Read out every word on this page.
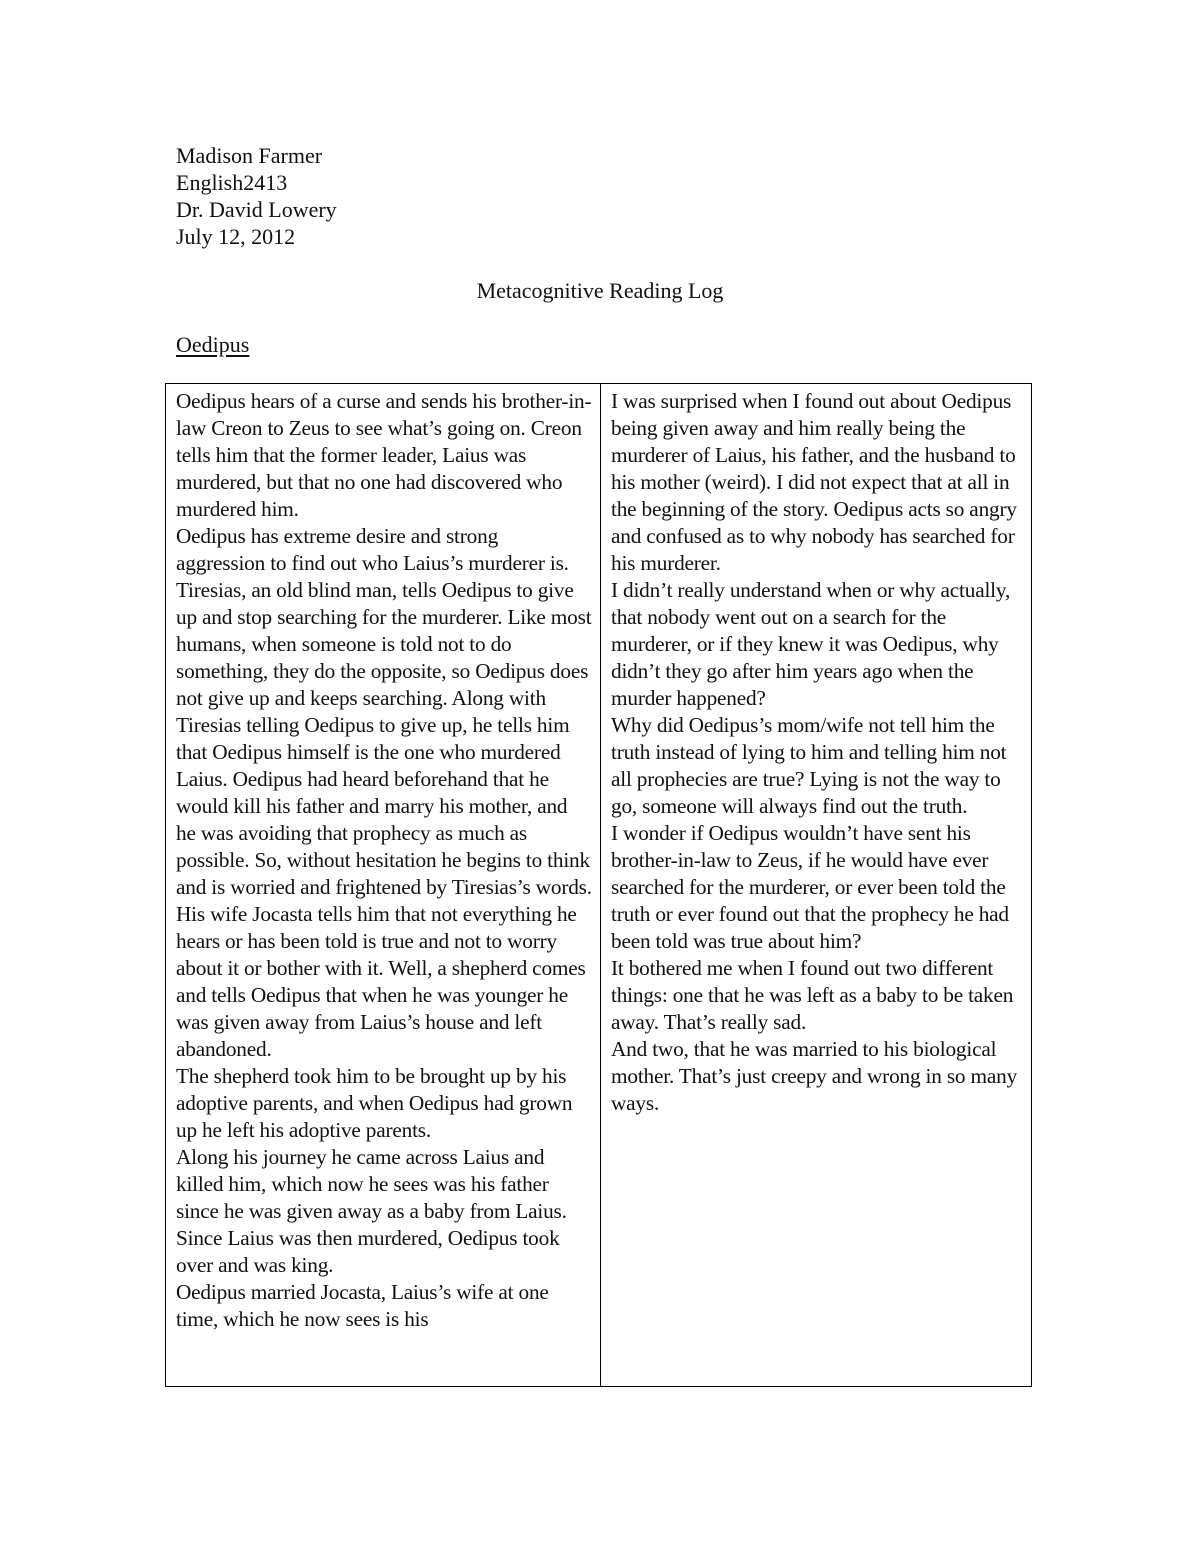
Madison Farmer
English2413
Dr. David Lowery
July 12, 2012
Metacognitive Reading Log
Oedipus

Oedipus hears of a curse and sends his brother-in-law Creon to Zeus to see what’s going on. Creon tells him that the former leader, Laius was murdered, but that no one had discovered who murdered him.

Oedipus has extreme desire and strong aggression to find out who Laius’s murderer is. Tiresias, an old blind man, tells Oedipus to give up and stop searching for the murderer. Like most humans, when someone is told not to do something, they do the opposite, so Oedipus does not give up and keeps searching. Along with Tiresias telling Oedipus to give up, he tells him that Oedipus himself is the one who murdered Laius. Oedipus had heard beforehand that he would kill his father and marry his mother, and he was avoiding that prophecy as much as possible. So, without hesitation he begins to think and is worried and frightened by Tiresias’s words. His wife Jocasta tells him that not everything he hears or has been told is true and not to worry about it or bother with it. Well, a shepherd comes and tells Oedipus that when he was younger he was given away from Laius’s house and left abandoned.

The shepherd took him to be brought up by his adoptive parents, and when Oedipus had grown up he left his adoptive parents.

Along his journey he came across Laius and killed him, which now he sees was his father since he was given away as a baby from Laius. Since Laius was then murdered, Oedipus took over and was king.

Oedipus married Jocasta, Laius’s wife at one time, which he now sees is his

I was surprised when I found out about Oedipus being given away and him really being the murderer of Laius, his father, and the husband to his mother (weird). I did not expect that at all in the beginning of the story. Oedipus acts so angry and confused as to why nobody has searched for his murderer.

I didn’t really understand when or why actually, that nobody went out on a search for the murderer, or if they knew it was Oedipus, why didn’t they go after him years ago when the murder happened?

Why did Oedipus’s mom/wife not tell him the truth instead of lying to him and telling him not all prophecies are true? Lying is not the way to go, someone will always find out the truth.

I wonder if Oedipus wouldn’t have sent his brother-in-law to Zeus, if he would have ever searched for the murderer, or ever been told the truth or ever found out that the prophecy he had been told was true about him?

It bothered me when I found out two different things: one that he was left as a baby to be taken away. That’s really sad.

And two, that he was married to his biological mother. That’s just creepy and wrong in so many ways.
